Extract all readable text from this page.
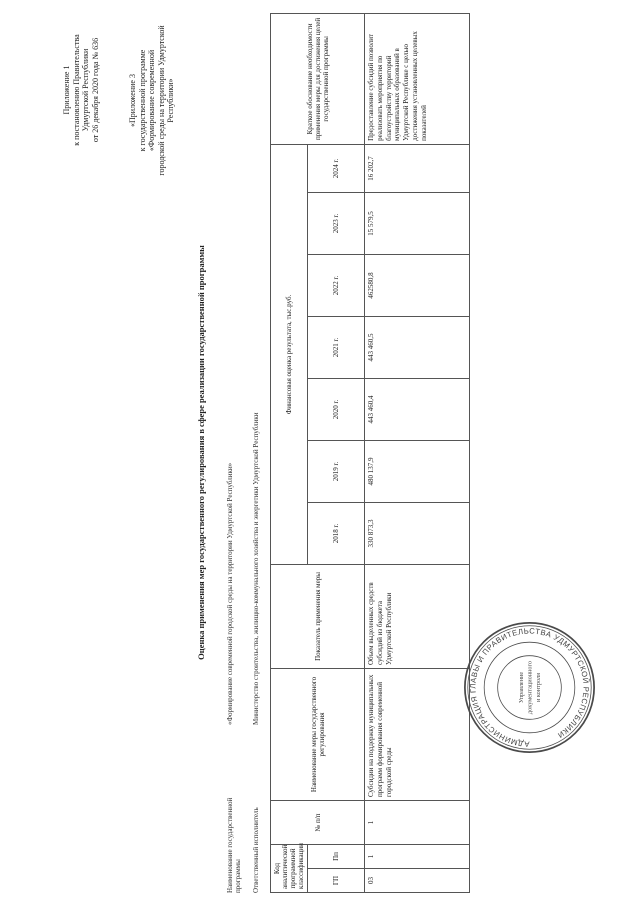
Приложение 1 к постановлению Правительства Удмуртской Республики от 26 декабря 2020 года № 636	«Приложение 3 к государственной программе «Формирование современной городской среды на территории Удмуртской Республики»
Оценка применения мер государственного регулирования в сфере реализации государственной программы
Наименование государственной программы
«Формирование современной городской среды на территории Удмуртской Республики»
Ответственный исполнитель
Министерство строительства, жилищно-коммунального хозяйства и энергетики Удмуртской Республики
Код аналитической программной классификации		№ п/п	Наименование меры государственного регулирования	Показатель применения меры	Финансовая оценка результата, тыс.руб.							Краткое обоснование необходимости применения меры для достижения целей государственной программы
ГП	Пп				2018 г.	2019 г.	2020 г.	2021 г.	2022 г.	2023 г.	2024 г.	
03	1	1	Субсидии на поддержку муниципальных программ формирования современной городской среды	Объем выделенных средств субсидий из бюджета Удмуртской Республики	330 873,3	480 137,9	443 460,4	443 460,5	462580,8	15 579,5	16 202,7	Предоставление субсидий позволит реализовать мероприятия по благоустройству территорий муниципальных образований в Удмуртской Республике с целью достижения установленных целевых показателей
АДМИНИСТРАЦИЯ ГЛАВЫ И ПРАВИТЕЛЬСТВА УДМУРТСКОЙ РЕСПУБЛИКИ
Управление документационного и контроля
